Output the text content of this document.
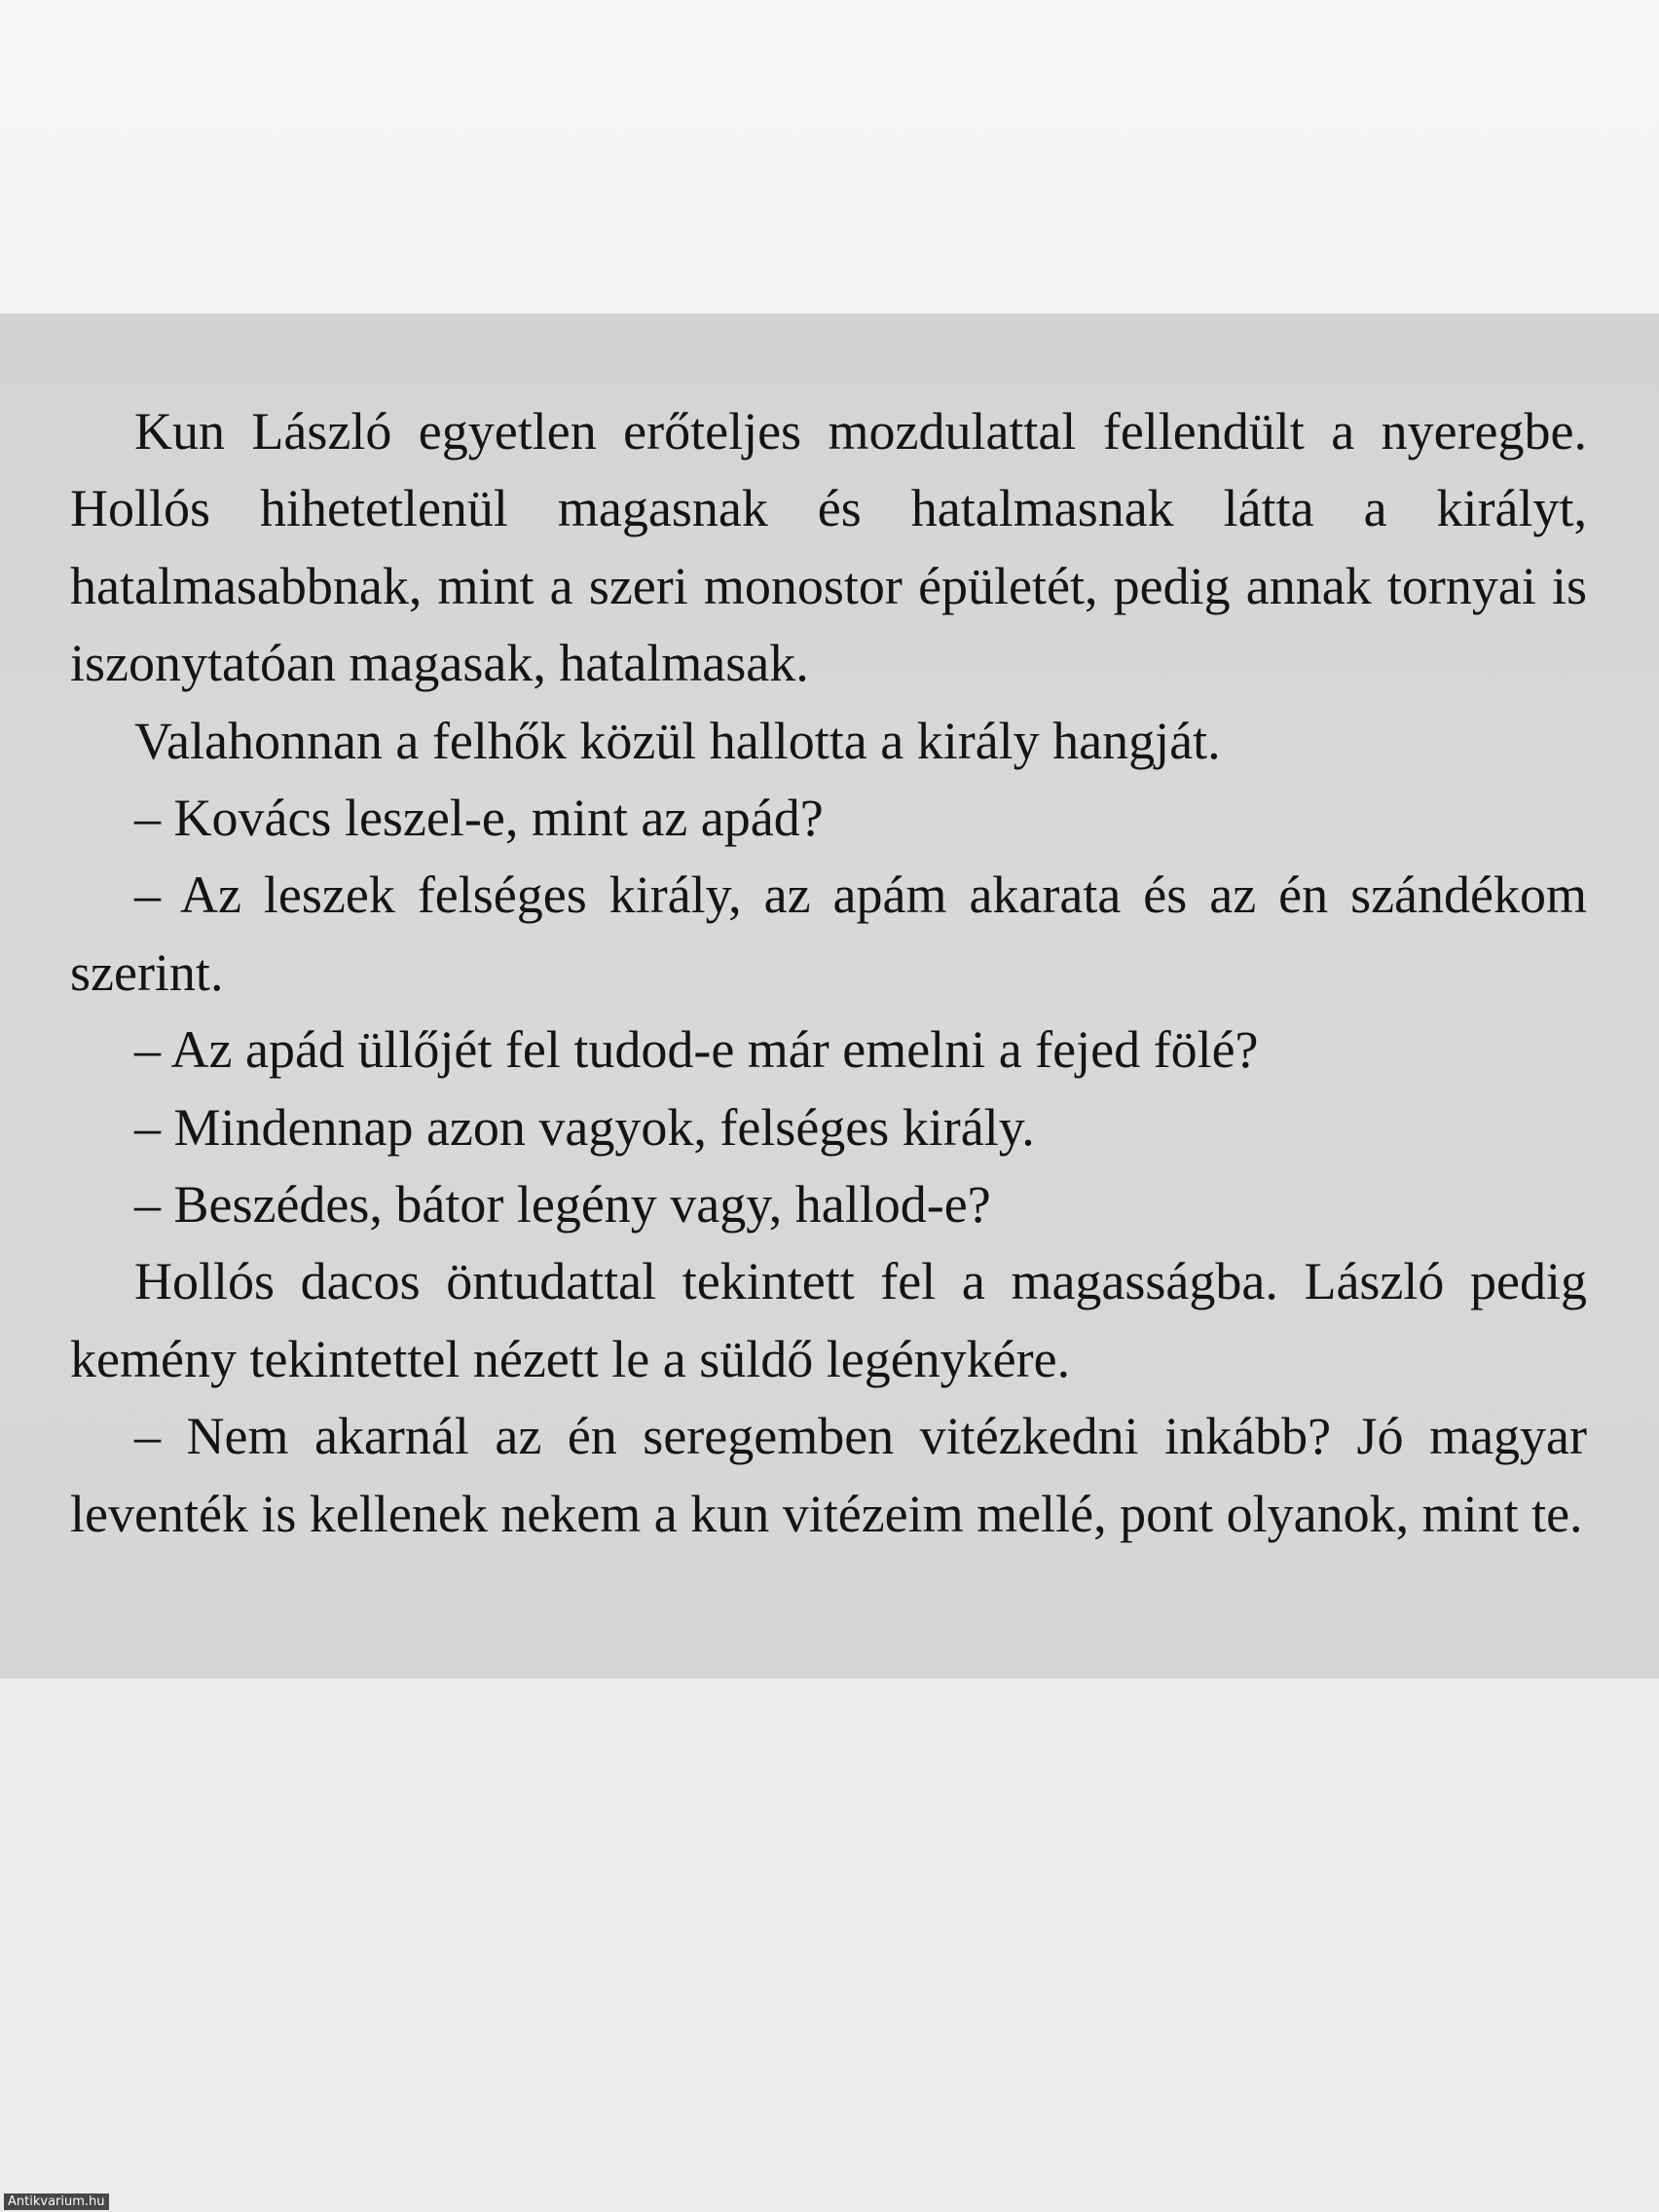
Kun László egyetlen erőteljes mozdulattal fellendült a nyeregbe. Hollós hihetetlenül magasnak és hatalmasnak látta a királyt, hatalmasabbnak, mint a szeri monostor épületét, pedig annak tornyai is iszonytatóan magasak, hatalmasak.

Valahonnan a felhők közül hallotta a király hangját.

– Kovács leszel-e, mint az apád?

– Az leszek felséges király, az apám akarata és az én szándékom szerint.

– Az apád üllőjét fel tudod-e már emelni a fejed fölé?

– Mindennap azon vagyok, felséges király.

– Beszédes, bátor legény vagy, hallod-e?

Hollós dacos öntudattal tekintett fel a magasságba. László pedig kemény tekintettel nézett le a süldő legénykére.

– Nem akarnál az én seregemben vitézkedni inkább? Jó magyar leventék is kellenek nekem a kun vitézeim mellé, pont olyanok, mint te.

Antikvarium.hu
